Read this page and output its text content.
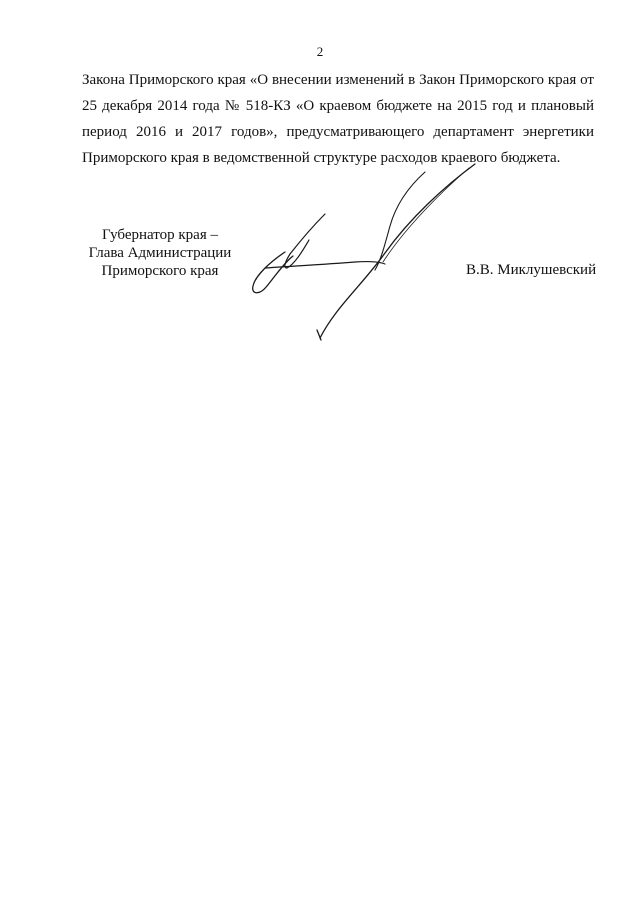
2
Закона Приморского края «О внесении изменений в Закон Приморского края от
25 декабря 2014 года № 518-КЗ «О краевом бюджете на 2015 год и плановый
период 2016 и 2017 годов», предусматривающего департамент энергетики
Приморского края в ведомственной структуре расходов краевого бюджета.
Губернатор края –
Глава Администрации
Приморского края	В.В. Миклушевский
